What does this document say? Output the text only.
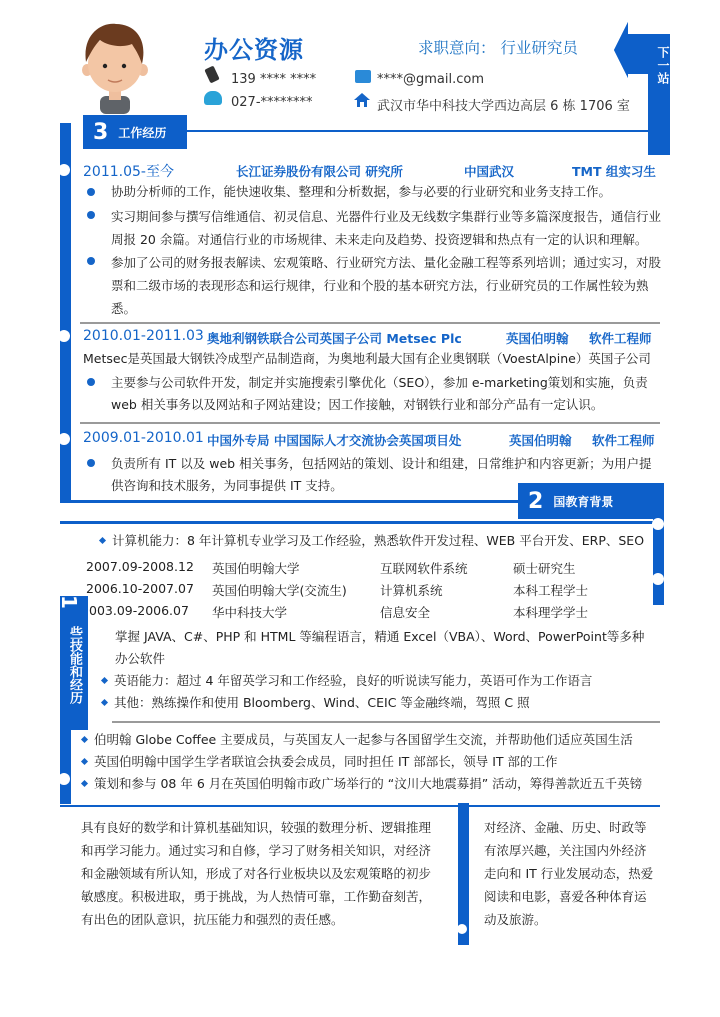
办公资源	求职意向： 行业研究员
139 **** ****
027-********
****@gmail.com
武汉市华中科技大学西边高层 6 栋 1706 室
下一站
3 工作经历
2011.05-至今	长江证券股份有限公司 研究所	中国武汉	TMT 组实习生
协助分析师的工作，能快速收集、整理和分析数据，参与必要的行业研究和业务支持工作。
实习期间参与撰写信维通信、初灵信息、光器件行业及无线数字集群行业等多篇深度报告，通信行业周报 20 余篇。对通信行业的市场规律、未来走向及趋势、投资逻辑和热点有一定的认识和理解。
参加了公司的财务报表解读、宏观策略、行业研究方法、量化金融工程等系列培训；通过实习，对股票和二级市场的表现形态和运行规律，行业和个股的基本研究方法，行业研究员的工作属性较为熟悉。
2010.01-2011.03 奥地利钢铁联合公司英国子公司 Metsec Plc	英国伯明翰 软件工程师
Metsec是英国最大钢铁冷成型产品制造商，为奥地利最大国有企业奥钢联（VoestAlpine）英国子公司
主要参与公司软件开发，制定并实施搜索引擎优化（SEO），参加 e-marketing策划和实施，负责 web 相关事务以及网站和子网站建设；因工作接触，对钢铁行业和部分产品有一定认识。
2009.01-2010.01 中国外专局 中国国际人才交流协会英国项目处	英国伯明翰 软件工程师
负责所有 IT 以及 web 相关事务，包括网站的策划、设计和组建，日常维护和内容更新；为用户提供咨询和技术服务，为同事提供 IT 支持。
2 国教育背景
计算机能力：8 年计算机专业学习及工作经验，熟悉软件开发过程、WEB 平台开发、ERP、SEO
2007.09-2008.12 英国伯明翰大学	互联网软件系统	硕士研究生
2006.10-2007.07 英国伯明翰大学(交流生)	计算机系统	本科工程学士
003.09-2006.07 华中科技大学	信息安全	本科理学学士
1
些技能和经历	掌握 JAVA、C#、PHP 和 HTML 等编程语言，精通 Excel（VBA）、Word、PowerPoint等多种
办公软件
英语能力：超过 4 年留英学习和工作经验，良好的听说读写能力，英语可作为工作语言
其他：熟练操作和使用 Bloomberg、Wind、CEIC 等金融终端，驾照 C 照
伯明翰 Globe Coffee 主要成员，与英国友人一起参与各国留学生交流，并帮助他们适应英国生活
英国伯明翰中国学生学者联谊会执委会成员，同时担任 IT 部部长，领导 IT 部的工作
策划和参与 08 年 6 月在英国伯明翰市政广场举行的 “汶川大地震募捐” 活动，筹得善款近五千英镑
具有良好的数学和计算机基础知识，较强的数理分析、逻辑推理和再学习能力。通过实习和自修，学习了财务相关知识，对经济和金融领域有所认知，形成了对各行业板块以及宏观策略的初步敏感度。积极进取，勇于挑战，为人热情可靠，工作勤奋刻苦，有出色的团队意识，抗压能力和强烈的责任感。
对经济、金融、历史、时政等有浓厚兴趣，关注国内外经济走向和 IT 行业发展动态，热爱阅读和电影，喜爱各种体育运动及旅游。
